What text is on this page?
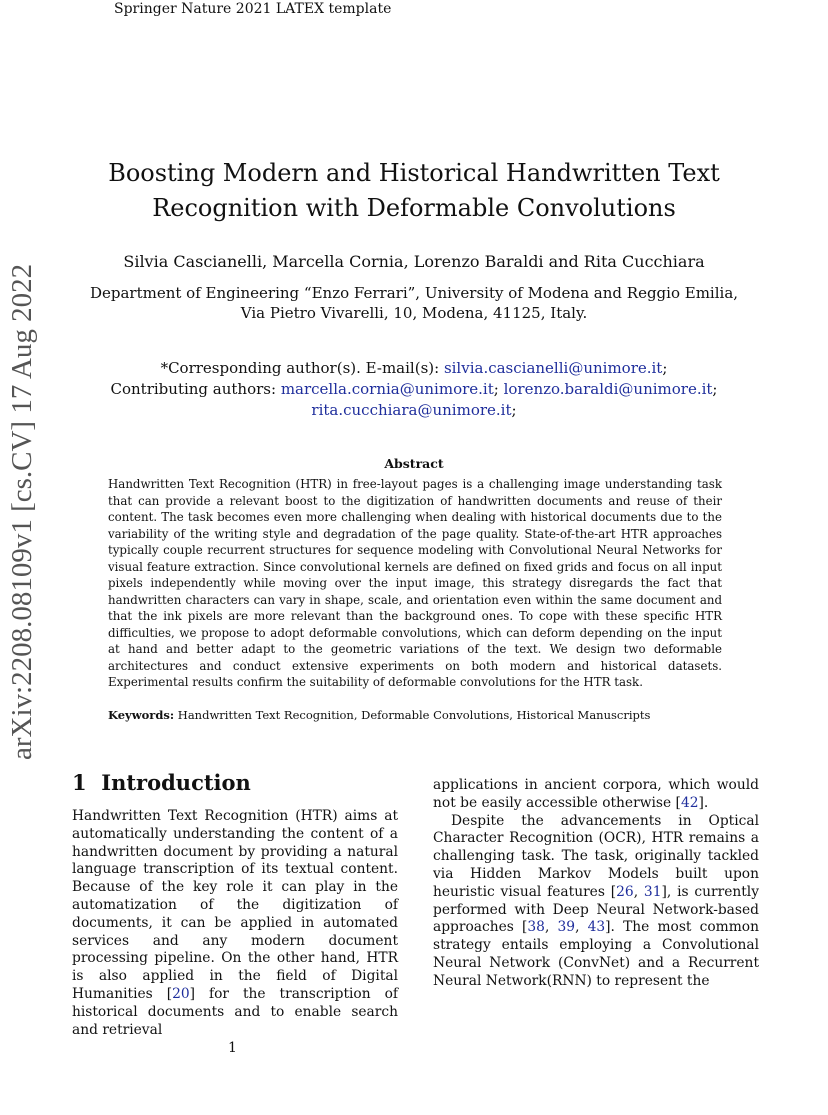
Springer Nature 2021 LATEX template
arXiv:2208.08109v1 [cs.CV] 17 Aug 2022
Boosting Modern and Historical Handwritten Text
Recognition with Deformable Convolutions
Silvia Cascianelli, Marcella Cornia, Lorenzo Baraldi and Rita Cucchiara
Department of Engineering “Enzo Ferrari”, University of Modena and Reggio Emilia,
Via Pietro Vivarelli, 10, Modena, 41125, Italy.
*Corresponding author(s). E-mail(s): silvia.cascianelli@unimore.it;
Contributing authors: marcella.cornia@unimore.it; lorenzo.baraldi@unimore.it;
rita.cucchiara@unimore.it;
Abstract
Handwritten Text Recognition (HTR) in free-layout pages is a challenging image understanding task that can provide a relevant boost to the digitization of handwritten documents and reuse of their content. The task becomes even more challenging when dealing with historical documents due to the variability of the writing style and degradation of the page quality. State-of-the-art HTR approaches typically couple recurrent structures for sequence modeling with Convolutional Neural Networks for visual feature extraction. Since convolutional kernels are defined on fixed grids and focus on all input pixels independently while moving over the input image, this strategy disregards the fact that handwritten characters can vary in shape, scale, and orientation even within the same document and that the ink pixels are more relevant than the background ones. To cope with these specific HTR difficulties, we propose to adopt deformable convolutions, which can deform depending on the input at hand and better adapt to the geometric variations of the text. We design two deformable architectures and conduct extensive experiments on both modern and historical datasets. Experimental results confirm the suitability of deformable convolutions for the HTR task.
Keywords: Handwritten Text Recognition, Deformable Convolutions, Historical Manuscripts
1 Introduction

Handwritten Text Recognition (HTR) aims at automatically understanding the content of a handwritten document by providing a natural language transcription of its textual content. Because of the key role it can play in the automatization of the digitization of documents, it can be applied in automated services and any modern document processing pipeline. On the other hand, HTR is also applied in the field of Digital Humanities [20] for the transcription of historical documents and to enable search and retrieval

applications in ancient corpora, which would not be easily accessible otherwise [42].

Despite the advancements in Optical Character Recognition (OCR), HTR remains a challenging task. The task, originally tackled via Hidden Markov Models built upon heuristic visual features [26, 31], is currently performed with Deep Neural Network-based approaches [38, 39, 43]. The most common strategy entails employing a Convolutional Neural Network (ConvNet) and a Recurrent Neural Network(RNN) to represent the

1
